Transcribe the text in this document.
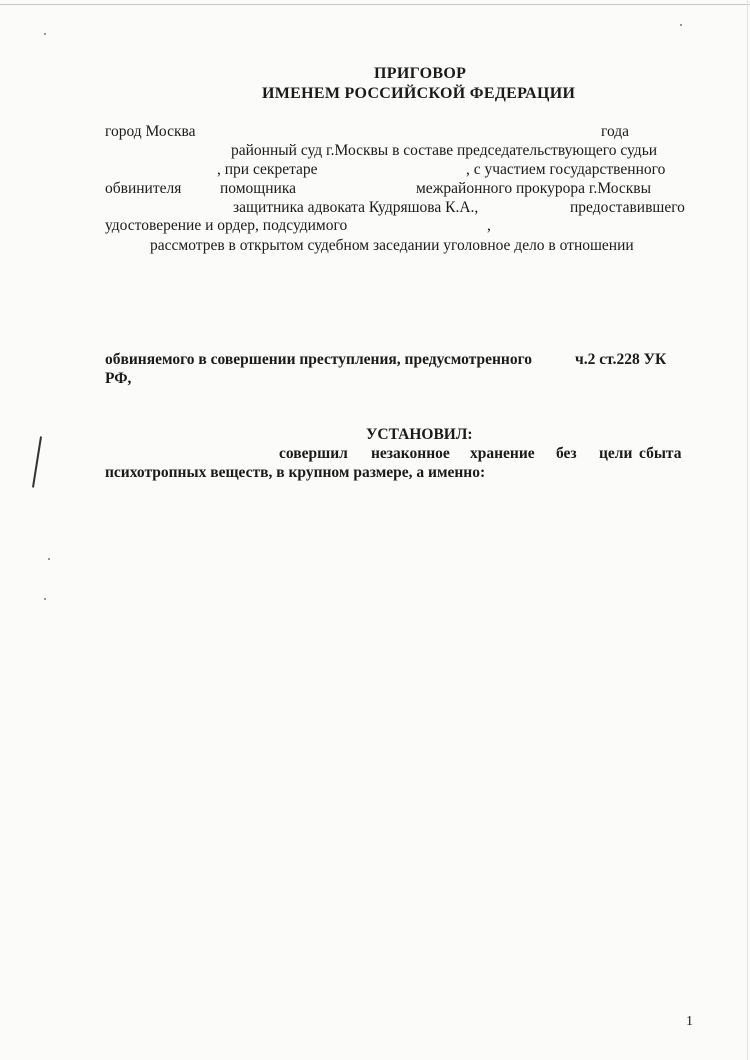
ПРИГОВОР
ИМЕНЕМ РОССИЙСКОЙ ФЕДЕРАЦИИ
город Москва	года
районный суд г.Москвы в составе председательствующего судьи
, при секретаре	, с участием государственного
обвинителя помощника	межрайонного прокурора г.Москвы
защитника адвоката Кудряшова К.А.,	предоставившего
удостоверение и ордер, подсудимого	,
рассмотрев в открытом судебном заседании уголовное дело в отношении
обвиняемого в совершении преступления, предусмотренного	ч.2 ст.228 УК
РФ,
УСТАНОВИЛ:
совершил незаконное хранение без цели сбыта
психотропных веществ, в крупном размере, а именно:
1
